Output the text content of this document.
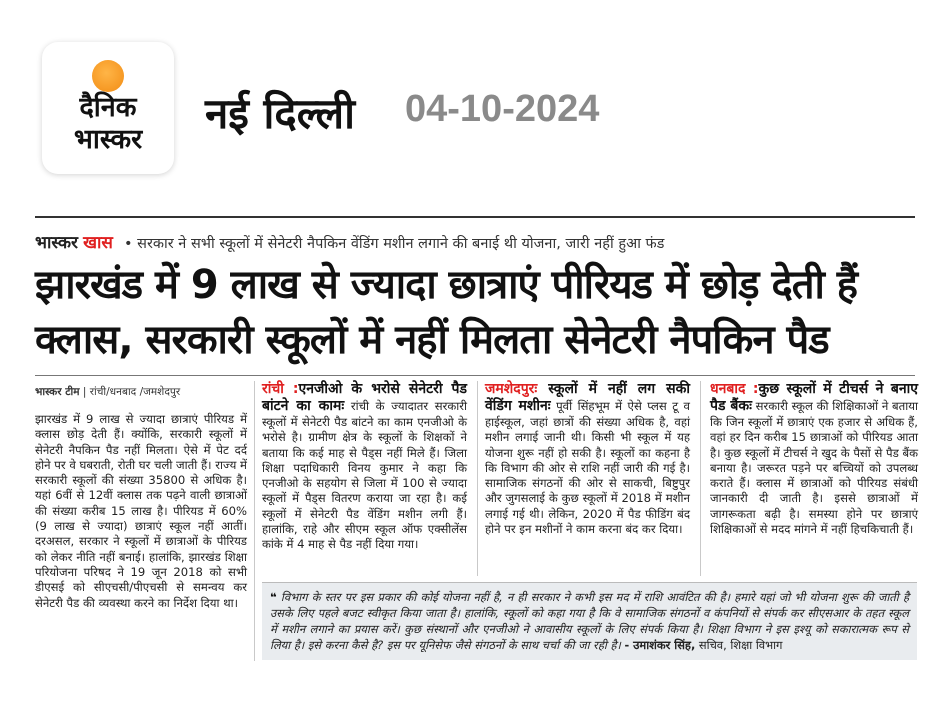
दैनिक
भास्कर
नई दिल्ली 04-10-2024
भास्कर खास • सरकार ने सभी स्कूलों में सेनेटरी नैपकिन वेंडिंग मशीन लगाने की बनाई थी योजना, जारी नहीं हुआ फंड
झारखंड में 9 लाख से ज्यादा छात्राएं पीरियड में छोड़ देती हैं
क्लास, सरकारी स्कूलों में नहीं मिलता सेनेटरी नैपकिन पैड
भास्कर टीम | रांची/धनबाद /जमशेदपुर
झारखंड में 9 लाख से ज्यादा छात्राएं पीरियड में क्लास छोड़ देती हैं। क्योंकि, सरकारी स्कूलों में सेनेटरी नैपकिन पैड नहीं मिलता। ऐसे में पेट दर्द होने पर वे घबराती, रोती घर चली जाती हैं। राज्य में सरकारी स्कूलों की संख्या 35800 से अधिक है। यहां 6वीं से 12वीं क्लास तक पढ़ने वाली छात्राओं की संख्या करीब 15 लाख है। पीरियड में 60% (9 लाख से ज्यादा) छात्राएं स्कूल नहीं आतीं। दरअसल, सरकार ने स्कूलों में छात्राओं के पीरियड को लेकर नीति नहीं बनाई। हालांकि, झारखंड शिक्षा परियोजना परिषद ने 19 जून 2018 को सभी डीएसई को सीएचसी/पीएचसी से समन्वय कर सेनेटरी पैड की व्यवस्था करने का निर्देश दिया था।
रांची :एनजीओ के भरोसे सेनेटरी पैड बांटने का कामः रांची के ज्यादातर सरकारी स्कूलों में सेनेटरी पैड बांटने का काम एनजीओ के भरोसे है। ग्रामीण क्षेत्र के स्कूलों के शिक्षकों ने बताया कि कई माह से पैड्स नहीं मिले हैं। जिला शिक्षा पदाधिकारी विनय कुमार ने कहा कि एनजीओ के सहयोग से जिला में 100 से ज्यादा स्कूलों में पैड्स वितरण कराया जा रहा है। कई स्कूलों में सेनेटरी पैड वेंडिंग मशीन लगी हैं। हालांकि, राहे और सीएम स्कूल ऑफ एक्सीलेंस कांके में 4 माह से पैड नहीं दिया गया।
जमशेदपुरः स्कूलों में नहीं लग सकी वेंडिंग मशीनः पूर्वी सिंहभूम में ऐसे प्लस टू व हाईस्कूल, जहां छात्रों की संख्या अधिक है, वहां मशीन लगाई जानी थी। किसी भी स्कूल में यह योजना शुरू नहीं हो सकी है। स्कूलों का कहना है कि विभाग की ओर से राशि नहीं जारी की गई है। सामाजिक संगठनों की ओर से साकची, बिष्टुपुर और जुगसलाई के कुछ स्कूलों में 2018 में मशीन लगाई गई थी। लेकिन, 2020 में पैड फीडिंग बंद होने पर इन मशीनों ने काम करना बंद कर दिया।
धनबाद :कुछ स्कूलों में टीचर्स ने बनाए पैड बैंकः सरकारी स्कूल की शिक्षिकाओं ने बताया कि जिन स्कूलों में छात्राएं एक हजार से अधिक हैं, वहां हर दिन करीब 15 छात्राओं को पीरियड आता है। कुछ स्कूलों में टीचर्स ने खुद के पैसों से पैड बैंक बनाया है। जरूरत पड़ने पर बच्चियों को उपलब्ध कराते हैं। क्लास में छात्राओं को पीरियड संबंधी जानकारी दी जाती है। इससे छात्राओं में जागरूकता बढ़ी है। समस्या होने पर छात्राएं शिक्षिकाओं से मदद मांगने में नहीं हिचकिचाती हैं।
❝ विभाग के स्तर पर इस प्रकार की कोई योजना नहीं है, न ही सरकार ने कभी इस मद में राशि आवंटित की है। हमारे यहां जो भी योजना शुरू की जाती है उसके लिए पहले बजट स्वीकृत किया जाता है। हालांकि, स्कूलों को कहा गया है कि वे सामाजिक संगठनों व कंपनियों से संपर्क कर सीएसआर के तहत स्कूल में मशीन लगाने का प्रयास करें। कुछ संस्थानों और एनजीओ ने आवासीय स्कूलों के लिए संपर्क किया है। शिक्षा विभाग ने इस इश्यू को सकारात्मक रूप से लिया है। इसे करना कैसे है? इस पर यूनिसेफ जैसे संगठनों के साथ चर्चा की जा रही है। - उमाशंकर सिंह, सचिव, शिक्षा विभाग
